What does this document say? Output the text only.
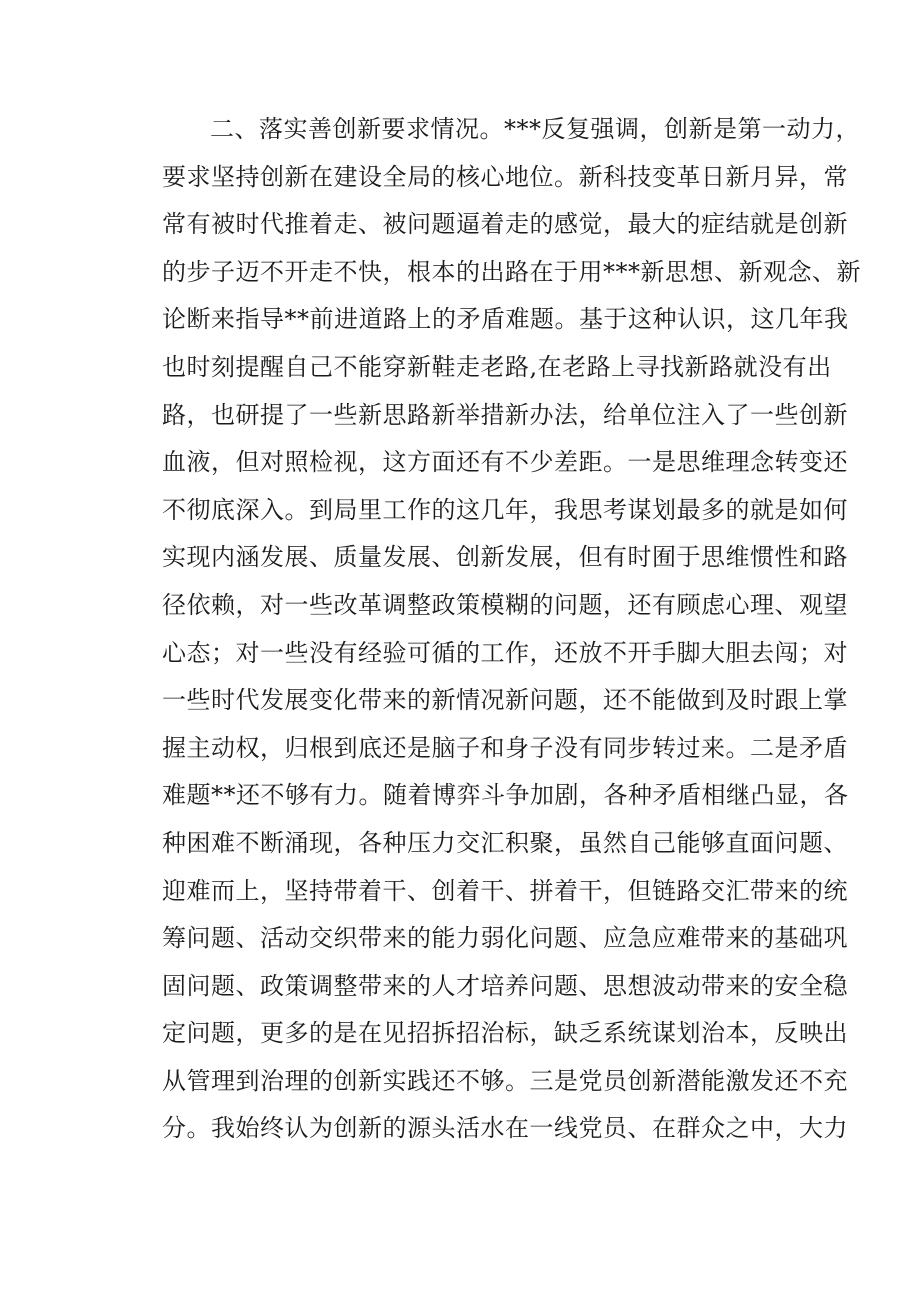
二、落实善创新要求情况。***反复强调，创新是第一动力，
要求坚持创新在建设全局的核心地位。新科技变革日新月异，常
常有被时代推着走、被问题逼着走的感觉，最大的症结就是创新
的步子迈不开走不快，根本的出路在于用***新思想、新观念、新
论断来指导**前进道路上的矛盾难题。基于这种认识，这几年我
也时刻提醒自己不能穿新鞋走老路,在老路上寻找新路就没有出
路，也研提了一些新思路新举措新办法，给单位注入了一些创新
血液，但对照检视，这方面还有不少差距。一是思维理念转变还
不彻底深入。到局里工作的这几年，我思考谋划最多的就是如何
实现内涵发展、质量发展、创新发展，但有时囿于思维惯性和路
径依赖，对一些改革调整政策模糊的问题，还有顾虑心理、观望
心态；对一些没有经验可循的工作，还放不开手脚大胆去闯；对
一些时代发展变化带来的新情况新问题，还不能做到及时跟上掌
握主动权，归根到底还是脑子和身子没有同步转过来。二是矛盾
难题**还不够有力。随着博弈斗争加剧，各种矛盾相继凸显，各
种困难不断涌现，各种压力交汇积聚，虽然自己能够直面问题、
迎难而上，坚持带着干、创着干、拼着干，但链路交汇带来的统
筹问题、活动交织带来的能力弱化问题、应急应难带来的基础巩
固问题、政策调整带来的人才培养问题、思想波动带来的安全稳
定问题，更多的是在见招拆招治标，缺乏系统谋划治本，反映出
从管理到治理的创新实践还不够。三是党员创新潜能激发还不充
分。我始终认为创新的源头活水在一线党员、在群众之中，大力
